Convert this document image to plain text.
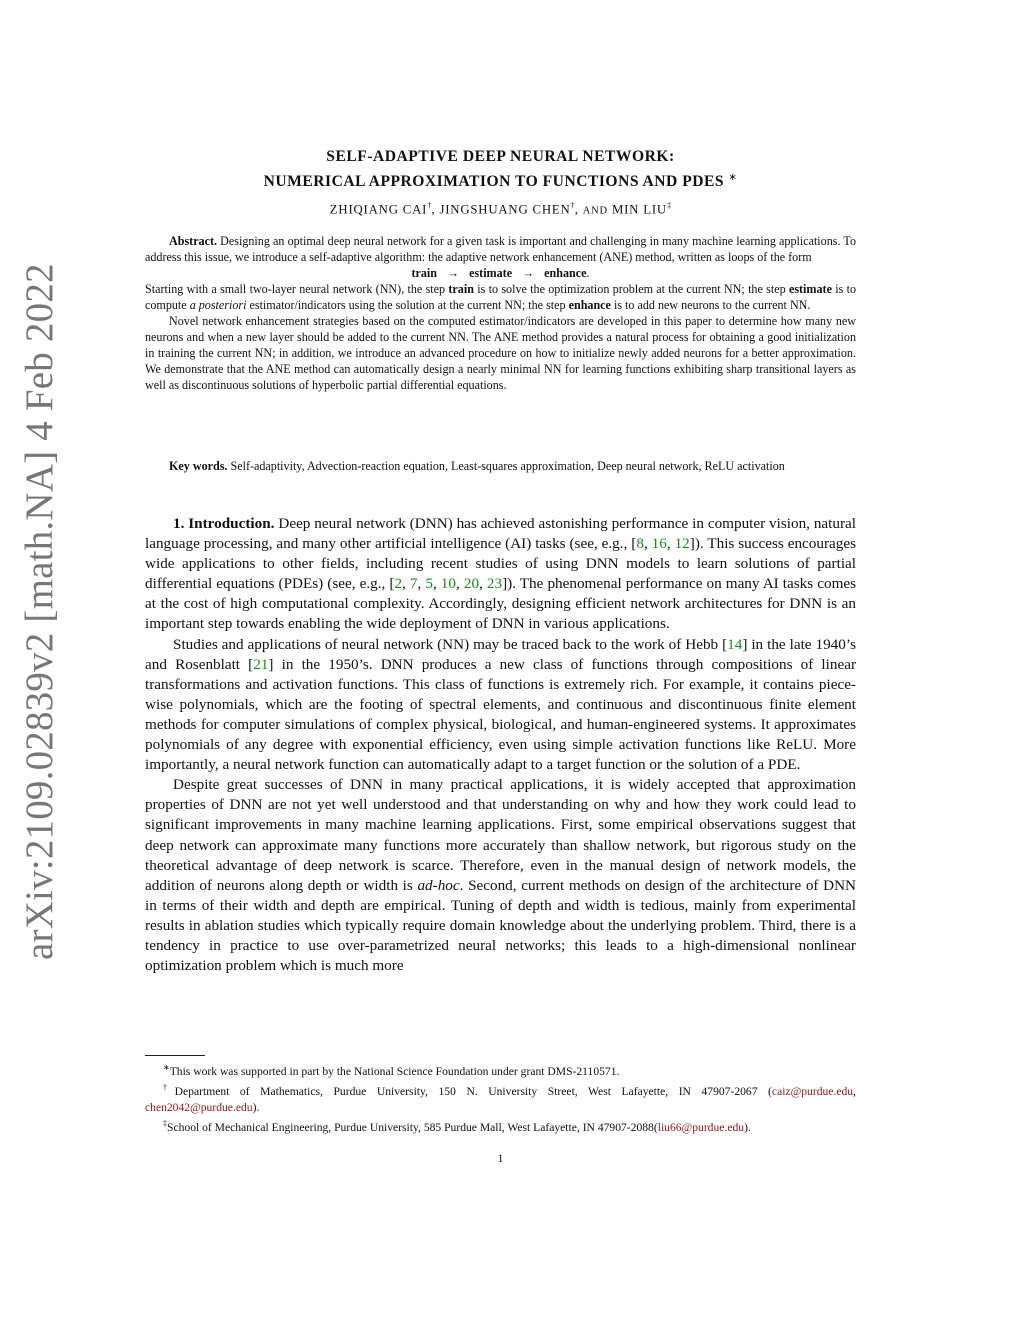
arXiv:2109.02839v2 [math.NA] 4 Feb 2022
SELF-ADAPTIVE DEEP NEURAL NETWORK:
NUMERICAL APPROXIMATION TO FUNCTIONS AND PDES ∗
ZHIQIANG CAI†, JINGSHUANG CHEN†, AND MIN LIU‡

Abstract. Designing an optimal deep neural network for a given task is important and challenging in many machine learning applications. To address this issue, we introduce a self-adaptive algorithm: the adaptive network enhancement (ANE) method, written as loops of the form

train → estimate → enhance.

Starting with a small two-layer neural network (NN), the step train is to solve the optimization problem at the current NN; the step estimate is to compute a posteriori estimator/indicators using the solution at the current NN; the step enhance is to add new neurons to the current NN.

Novel network enhancement strategies based on the computed estimator/indicators are developed in this paper to determine how many new neurons and when a new layer should be added to the current NN. The ANE method provides a natural process for obtaining a good initialization in training the current NN; in addition, we introduce an advanced procedure on how to initialize newly added neurons for a better approximation. We demonstrate that the ANE method can automatically design a nearly minimal NN for learning functions exhibiting sharp transitional layers as well as discontinuous solutions of hyperbolic partial differential equations.

Key words. Self-adaptivity, Advection-reaction equation, Least-squares approximation, Deep neural network, ReLU activation

1. Introduction. Deep neural network (DNN) has achieved astonishing performance in computer vision, natural language processing, and many other artificial intelligence (AI) tasks (see, e.g., [8, 16, 12]). This success encourages wide applications to other fields, including recent studies of using DNN models to learn solutions of partial differential equations (PDEs) (see, e.g., [2, 7, 5, 10, 20, 23]). The phenomenal performance on many AI tasks comes at the cost of high computational complexity. Accordingly, designing efficient network architectures for DNN is an important step towards enabling the wide deployment of DNN in various applications.

Studies and applications of neural network (NN) may be traced back to the work of Hebb [14] in the late 1940’s and Rosenblatt [21] in the 1950’s. DNN produces a new class of functions through compositions of linear transformations and activation functions. This class of functions is extremely rich. For example, it contains piece-wise polynomials, which are the footing of spectral elements, and continuous and discontinuous finite element methods for computer simulations of complex physical, biological, and human-engineered systems. It approximates polynomials of any degree with exponential efficiency, even using simple activation functions like ReLU. More importantly, a neural network function can automatically adapt to a target function or the solution of a PDE.

Despite great successes of DNN in many practical applications, it is widely accepted that approximation properties of DNN are not yet well understood and that understanding on why and how they work could lead to significant improvements in many machine learning applications. First, some empirical observations suggest that deep network can approximate many functions more accurately than shallow network, but rigorous study on the theoretical advantage of deep network is scarce. Therefore, even in the manual design of network models, the addition of neurons along depth or width is ad-hoc. Second, current methods on design of the architecture of DNN in terms of their width and depth are empirical. Tuning of depth and width is tedious, mainly from experimental results in ablation studies which typically require domain knowledge about the underlying problem. Third, there is a tendency in practice to use over-parametrized neural networks; this leads to a high-dimensional nonlinear optimization problem which is much more

∗This work was supported in part by the National Science Foundation under grant DMS-2110571.

†Department of Mathematics, Purdue University, 150 N. University Street, West Lafayette, IN 47907-2067 (caiz@purdue.edu, chen2042@purdue.edu).

‡School of Mechanical Engineering, Purdue University, 585 Purdue Mall, West Lafayette, IN 47907-2088(liu66@purdue.edu).

1
